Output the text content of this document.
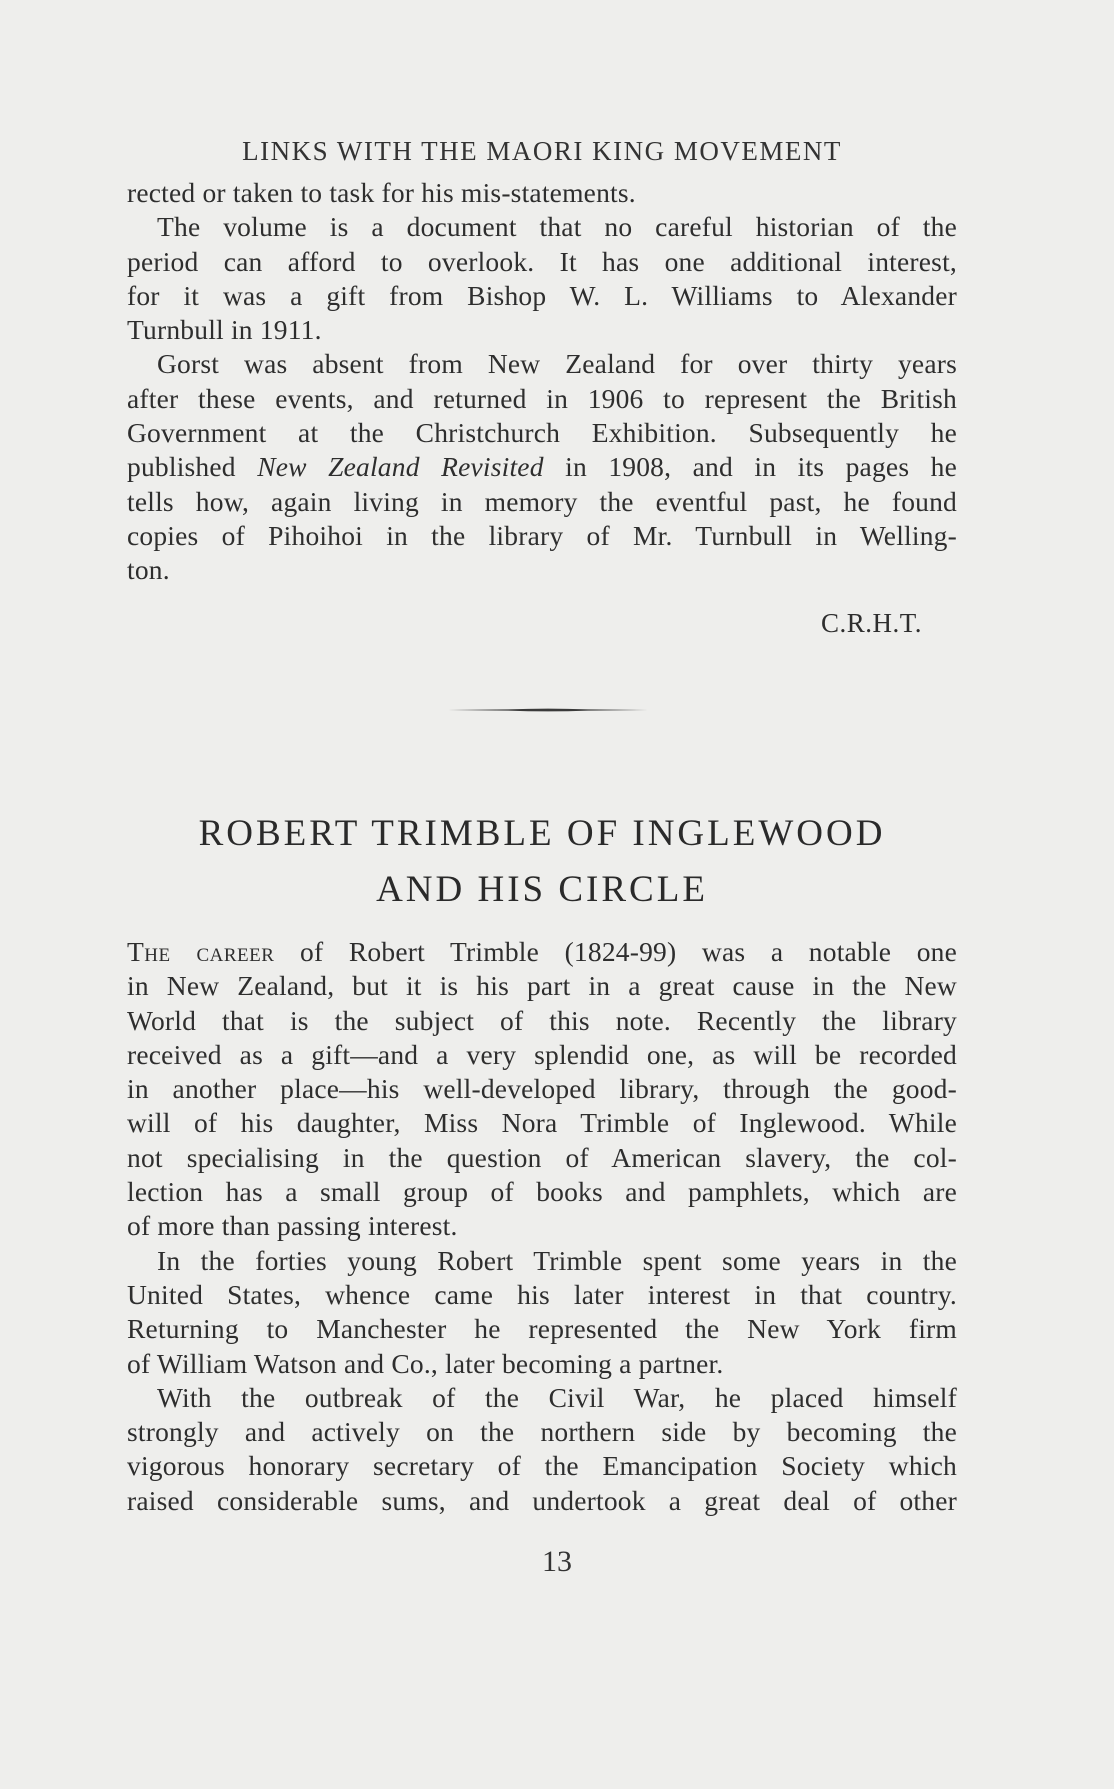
LINKS WITH THE MAORI KING MOVEMENT

rected or taken to task for his mis-statements.

The volume is a document that no careful historian of the
period can afford to overlook. It has one additional interest,
for it was a gift from Bishop W. L. Williams to Alexander
Turnbull in 1911.

Gorst was absent from New Zealand for over thirty years
after these events, and returned in 1906 to represent the British
Government at the Christchurch Exhibition. Subsequently he
published New Zealand Revisited in 1908, and in its pages he
tells how, again living in memory the eventful past, he found
copies of Pihoihoi in the library of Mr. Turnbull in Welling-
ton.

C.R.H.T.
ROBERT TRIMBLE OF INGLEWOOD
AND HIS CIRCLE

The career of Robert Trimble (1824-99) was a notable one
in New Zealand, but it is his part in a great cause in the New
World that is the subject of this note. Recently the library
received as a gift—and a very splendid one, as will be recorded
in another place—his well-developed library, through the good-
will of his daughter, Miss Nora Trimble of Inglewood. While
not specialising in the question of American slavery, the col-
lection has a small group of books and pamphlets, which are
of more than passing interest.

In the forties young Robert Trimble spent some years in the
United States, whence came his later interest in that country.
Returning to Manchester he represented the New York firm
of William Watson and Co., later becoming a partner.

With the outbreak of the Civil War, he placed himself
strongly and actively on the northern side by becoming the
vigorous honorary secretary of the Emancipation Society which
raised considerable sums, and undertook a great deal of other

13
